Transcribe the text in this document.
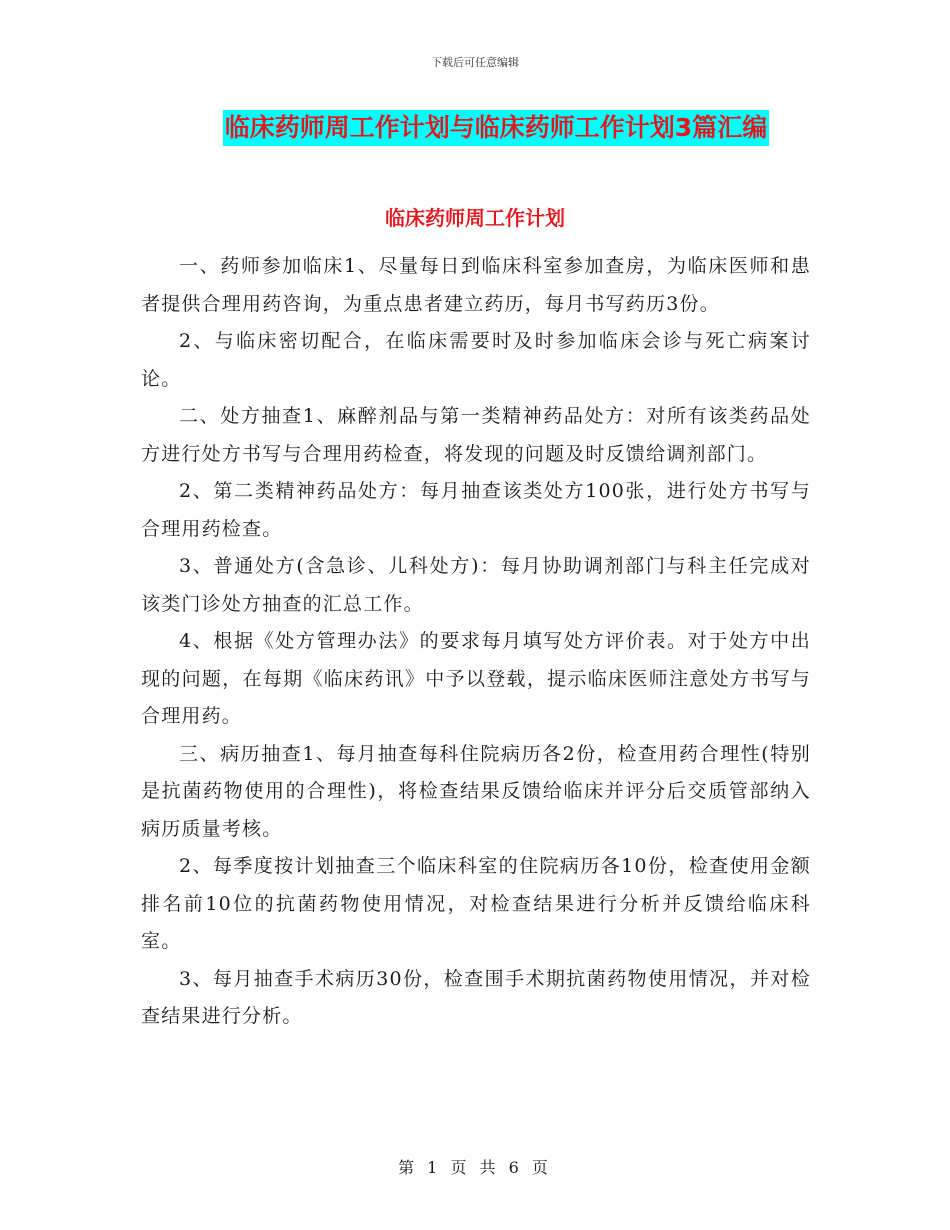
下载后可任意编辑
临床药师周工作计划与临床药师工作计划3篇汇编
临床药师周工作计划

一、药师参加临床1、尽量每日到临床科室参加查房，为临床医师和患者提供合理用药咨询，为重点患者建立药历，每月书写药历3份。

2、与临床密切配合，在临床需要时及时参加临床会诊与死亡病案讨论。

二、处方抽查1、麻醉剂品与第一类精神药品处方：对所有该类药品处方进行处方书写与合理用药检查，将发现的问题及时反馈给调剂部门。

2、第二类精神药品处方：每月抽查该类处方100张，进行处方书写与合理用药检查。

3、普通处方(含急诊、儿科处方)：每月协助调剂部门与科主任完成对该类门诊处方抽查的汇总工作。

4、根据《处方管理办法》的要求每月填写处方评价表。对于处方中出现的问题，在每期《临床药讯》中予以登载，提示临床医师注意处方书写与合理用药。

三、病历抽查1、每月抽查每科住院病历各2份，检查用药合理性(特别是抗菌药物使用的合理性)，将检查结果反馈给临床并评分后交质管部纳入病历质量考核。

2、每季度按计划抽查三个临床科室的住院病历各10份，检查使用金额排名前10位的抗菌药物使用情况，对检查结果进行分析并反馈给临床科室。

3、每月抽查手术病历30份，检查围手术期抗菌药物使用情况，并对检查结果进行分析。

第 1 页 共 6 页
